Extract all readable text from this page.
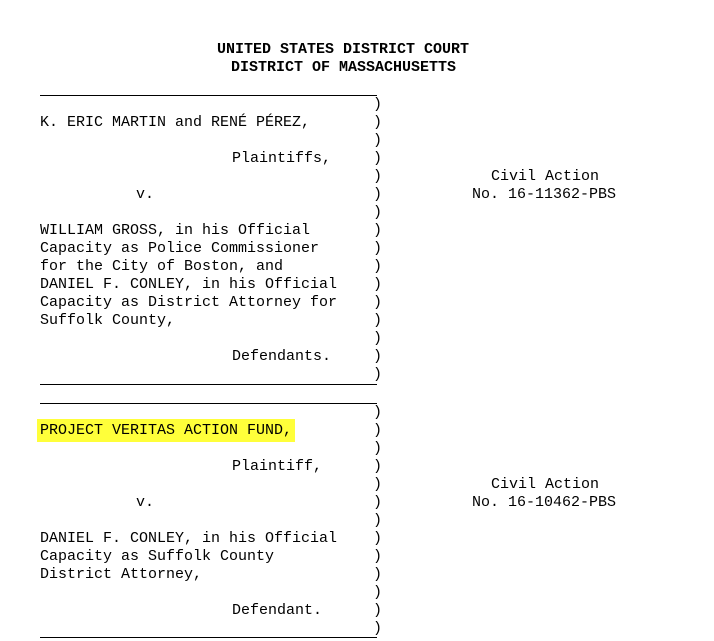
UNITED STATES DISTRICT COURT
DISTRICT OF MASSACHUSETTS
K. ERIC MARTIN and RENÉ PÉREZ,
Plaintiffs,
v.
WILLIAM GROSS, in his Official
Capacity as Police Commissioner
for the City of Boston, and
DANIEL F. CONLEY, in his Official
Capacity as District Attorney for
Suffolk County,
Defendants.
Civil Action
No. 16-11362-PBS
PROJECT VERITAS ACTION FUND,
Plaintiff,
v.
DANIEL F. CONLEY, in his Official
Capacity as Suffolk County
District Attorney,
Defendant.
Civil Action
No. 16-10462-PBS
)
)
)
)
)
)
)
)
)
)
)
)
)
)
)
)
)
)
)
)
)
)
)
)
)
)
)
)
)
